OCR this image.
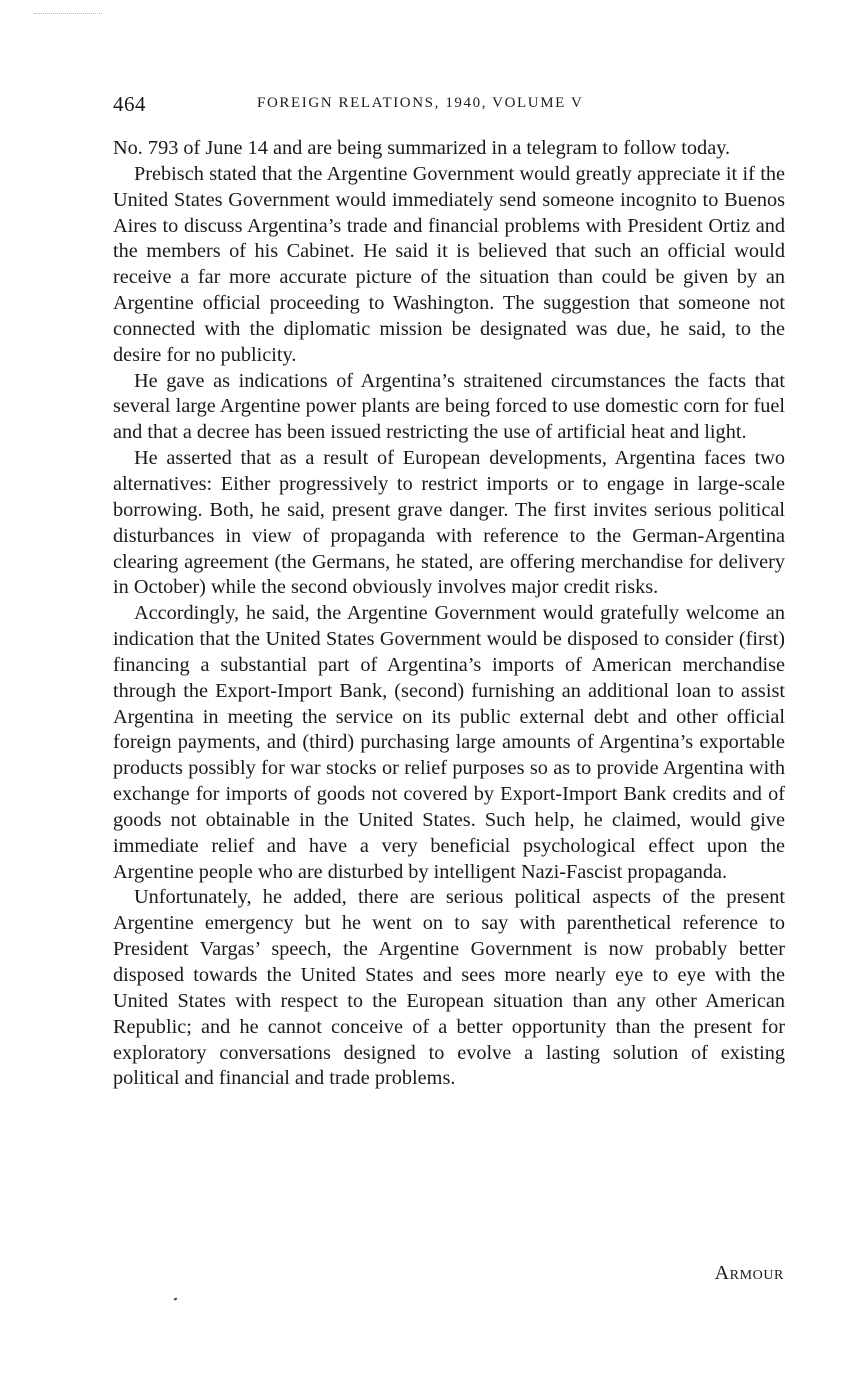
464	FOREIGN RELATIONS, 1940, VOLUME V

No. 793 of June 14 and are being summarized in a telegram to follow today.

Prebisch stated that the Argentine Government would greatly appreciate it if the United States Government would immediately send someone incognito to Buenos Aires to discuss Argentina’s trade and financial problems with President Ortiz and the members of his Cabinet. He said it is believed that such an official would receive a far more accurate picture of the situation than could be given by an Argentine official proceeding to Washington. The suggestion that someone not connected with the diplomatic mission be designated was due, he said, to the desire for no publicity.

He gave as indications of Argentina’s straitened circumstances the facts that several large Argentine power plants are being forced to use domestic corn for fuel and that a decree has been issued restricting the use of artificial heat and light.

He asserted that as a result of European developments, Argentina faces two alternatives: Either progressively to restrict imports or to engage in large-scale borrowing. Both, he said, present grave danger. The first invites serious political disturbances in view of propaganda with reference to the German-Argentina clearing agreement (the Germans, he stated, are offering merchandise for delivery in October) while the second obviously involves major credit risks.

Accordingly, he said, the Argentine Government would gratefully welcome an indication that the United States Government would be disposed to consider (first) financing a substantial part of Argentina’s imports of American merchandise through the Export-Import Bank, (second) furnishing an additional loan to assist Argentina in meeting the service on its public external debt and other official foreign payments, and (third) purchasing large amounts of Argentina’s exportable products possibly for war stocks or relief purposes so as to provide Argentina with exchange for imports of goods not covered by Export-Import Bank credits and of goods not obtainable in the United States. Such help, he claimed, would give immediate relief and have a very beneficial psychological effect upon the Argentine people who are disturbed by intelligent Nazi-Fascist propaganda.

Unfortunately, he added, there are serious political aspects of the present Argentine emergency but he went on to say with parenthetical reference to President Vargas’ speech, the Argentine Government is now probably better disposed towards the United States and sees more nearly eye to eye with the United States with respect to the European situation than any other American Republic; and he cannot conceive of a better opportunity than the present for exploratory conversations designed to evolve a lasting solution of existing political and financial and trade problems.

Armour
